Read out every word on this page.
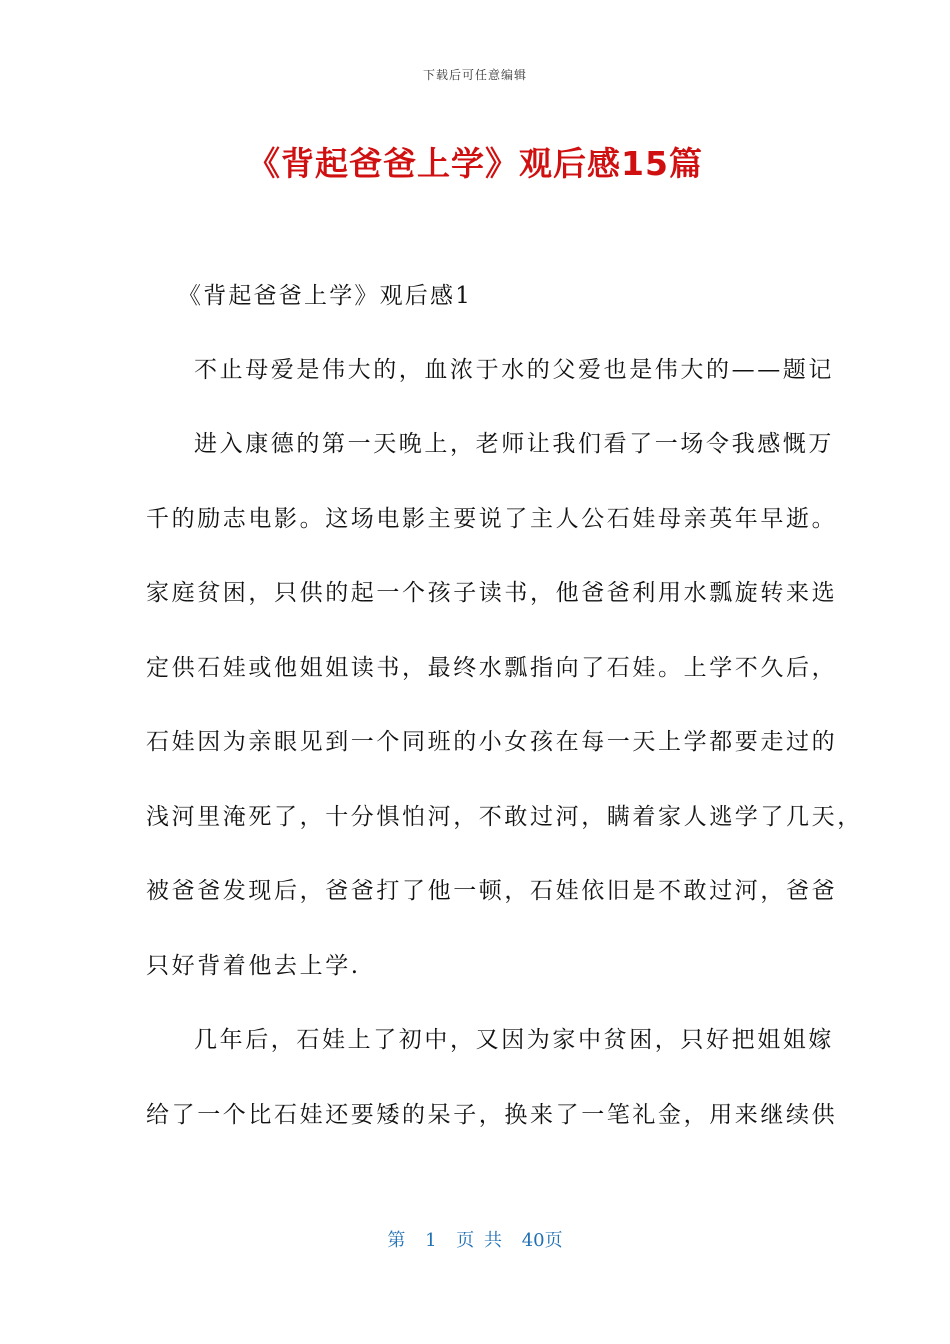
下载后可任意编辑
《背起爸爸上学》观后感15篇

《背起爸爸上学》观后感1

不止母爱是伟大的，血浓于水的父爱也是伟大的——题记

进入康德的第一天晚上，老师让我们看了一场令我感慨万

千的励志电影。这场电影主要说了主人公石娃母亲英年早逝。

家庭贫困，只供的起一个孩子读书，他爸爸利用水瓢旋转来选

定供石娃或他姐姐读书，最终水瓢指向了石娃。上学不久后，

石娃因为亲眼见到一个同班的小女孩在每一天上学都要走过的

浅河里淹死了，十分惧怕河，不敢过河，瞒着家人逃学了几天，

被爸爸发现后，爸爸打了他一顿，石娃依旧是不敢过河，爸爸

只好背着他去上学.

几年后，石娃上了初中，又因为家中贫困，只好把姐姐嫁

给了一个比石娃还要矮的呆子，换来了一笔礼金，用来继续供

第 1 页 共 40页
